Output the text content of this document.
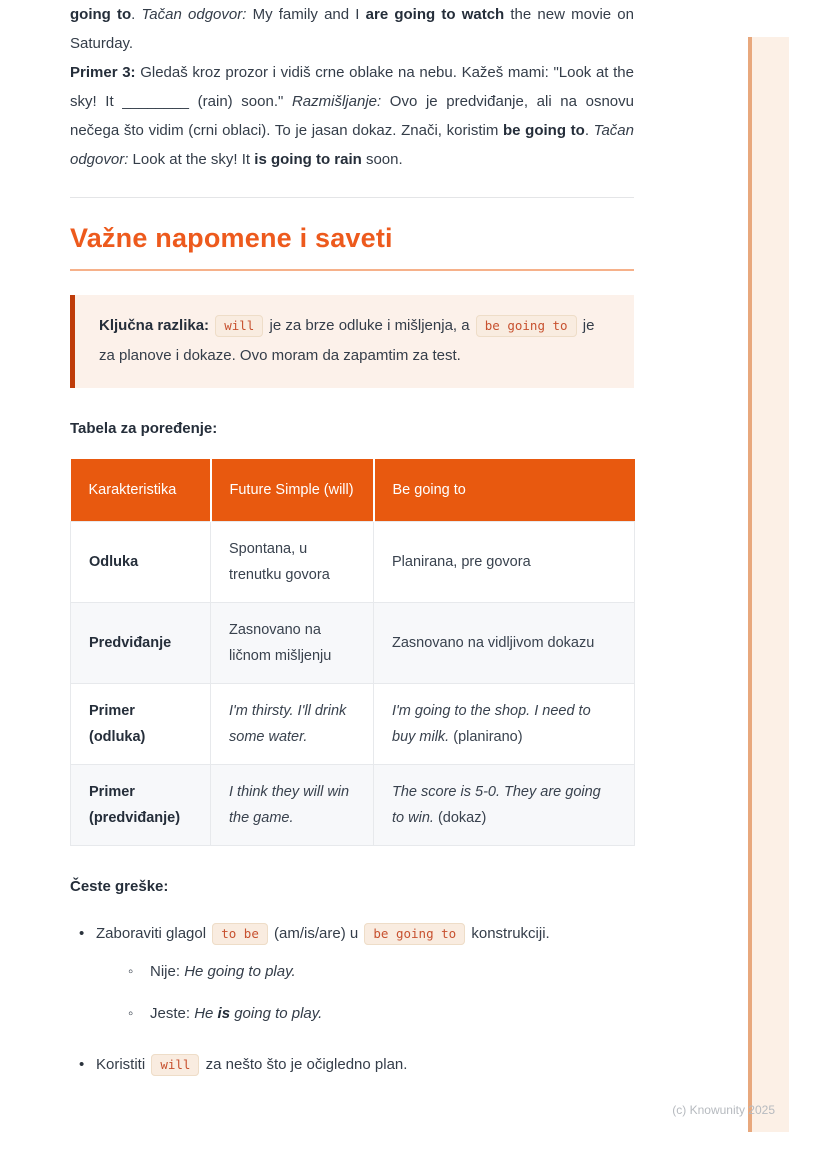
going to. Tačan odgovor: My family and I are going to watch the new movie on Saturday.

Primer 3: Gledaš kroz prozor i vidiš crne oblake na nebu. Kažeš mami: "Look at the sky! It ________ (rain) soon." Razmišljanje: Ovo je predviđanje, ali na osnovu nečega što vidim (crni oblaci). To je jasan dokaz. Znači, koristim be going to. Tačan odgovor: Look at the sky! It is going to rain soon.

Važne napomene i saveti
Ključna razlika: will je za brze odluke i mišljenja, a be going to je za planove i dokaze. Ovo moram da zapamtim za test.

Tabela za poređenje:

Karakteristika	Future Simple (will)	Be going to
Odluka	Spontana, u trenutku govora	Planirana, pre govora
Predviđanje	Zasnovano na ličnom mišljenju	Zasnovano na vidljivom dokazu
Primer (odluka)	I'm thirsty. I'll drink some water.	I'm going to the shop. I need to buy milk. (planirano)
Primer (predviđanje)	I think they will win the game.	The score is 5-0. They are going to win. (dokaz)

Česte greške:

• Zaboraviti glagol to be (am/is/are) u be going to konstrukciji.
◦ Nije: He going to play.
◦ Jeste: He is going to play.
• Koristiti will za nešto što je očigledno plan.
(c) Knowunity 2025
